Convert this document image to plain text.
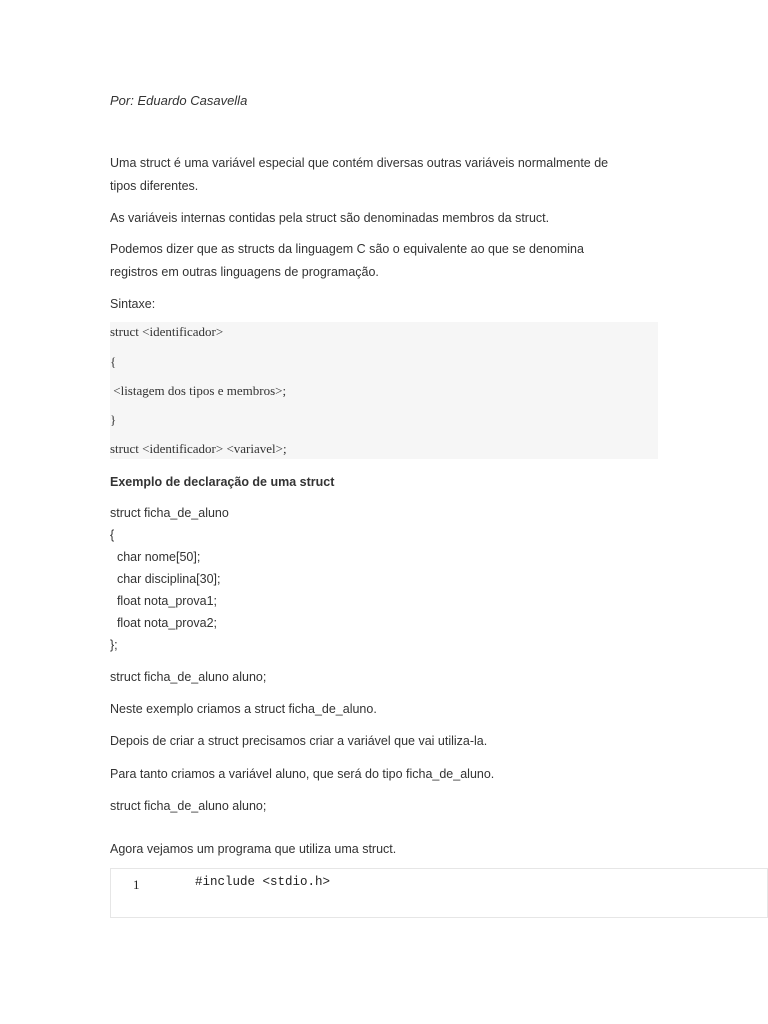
Por: Eduardo Casavella
Uma struct é uma variável especial que contém diversas outras variáveis normalmente de
tipos diferentes.
As variáveis internas contidas pela struct são denominadas membros da struct.
Podemos dizer que as structs da linguagem C são o equivalente ao que se denomina
registros em outras linguagens de programação.
Sintaxe:
struct <identificador>
{
<listagem dos tipos e membros>;
}
struct <identificador> <variavel>;
Exemplo de declaração de uma struct
struct ficha_de_aluno
{
char nome[50];
char disciplina[30];
float nota_prova1;
float nota_prova2;
};
struct ficha_de_aluno aluno;
Neste exemplo criamos a struct ficha_de_aluno.
Depois de criar a struct precisamos criar a variável que vai utiliza-la.
Para tanto criamos a variável aluno, que será do tipo ficha_de_aluno.
struct ficha_de_aluno aluno;
Agora vejamos um programa que utiliza uma struct.
1	#include <stdio.h>
